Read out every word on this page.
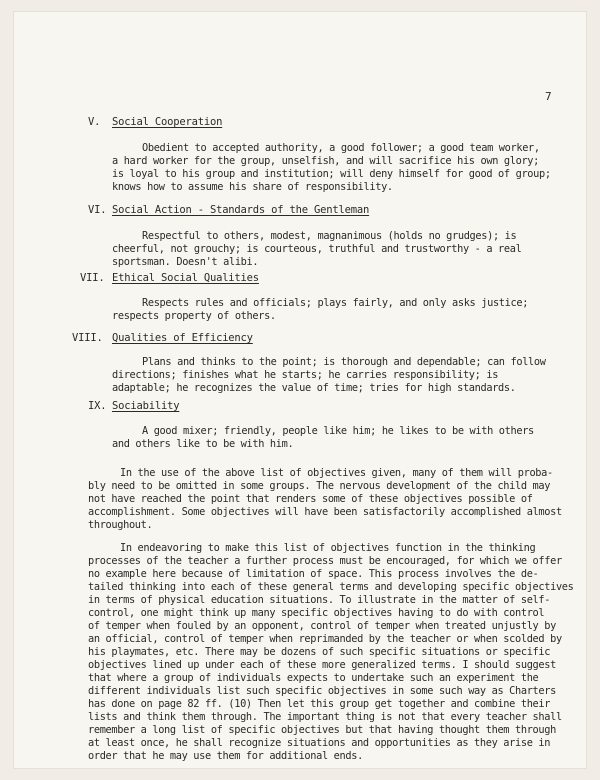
7
V. Social Cooperation
Obedient to accepted authority, a good follower; a good team worker,
a hard worker for the group, unselfish, and will sacrifice his own glory;
is loyal to his group and institution; will deny himself for good of group;
knows how to assume his share of responsibility.
VI. Social Action - Standards of the Gentleman
Respectful to others, modest, magnanimous (holds no grudges); is
cheerful, not grouchy; is courteous, truthful and trustworthy - a real
sportsman. Doesn't alibi.
VII. Ethical Social Qualities
Respects rules and officials; plays fairly, and only asks justice;
respects property of others.
VIII. Qualities of Efficiency
Plans and thinks to the point; is thorough and dependable; can follow
directions; finishes what he starts; he carries responsibility; is
adaptable; he recognizes the value of time; tries for high standards.
IX. Sociability
A good mixer; friendly, people like him; he likes to be with others
and others like to be with him.
In the use of the above list of objectives given, many of them will proba-
bly need to be omitted in some groups. The nervous development of the child may
not have reached the point that renders some of these objectives possible of
accomplishment. Some objectives will have been satisfactorily accomplished almost
throughout.
In endeavoring to make this list of objectives function in the thinking
processes of the teacher a further process must be encouraged, for which we offer
no example here because of limitation of space. This process involves the de-
tailed thinking into each of these general terms and developing specific objectives
in terms of physical education situations. To illustrate in the matter of self-
control, one might think up many specific objectives having to do with control
of temper when fouled by an opponent, control of temper when treated unjustly by
an official, control of temper when reprimanded by the teacher or when scolded by
his playmates, etc. There may be dozens of such specific situations or specific
objectives lined up under each of these more generalized terms. I should suggest
that where a group of individuals expects to undertake such an experiment the
different individuals list such specific objectives in some such way as Charters
has done on page 82 ff. (10) Then let this group get together and combine their
lists and think them through. The important thing is not that every teacher shall
remember a long list of specific objectives but that having thought them through
at least once, he shall recognize situations and opportunities as they arise in
order that he may use them for additional ends.
